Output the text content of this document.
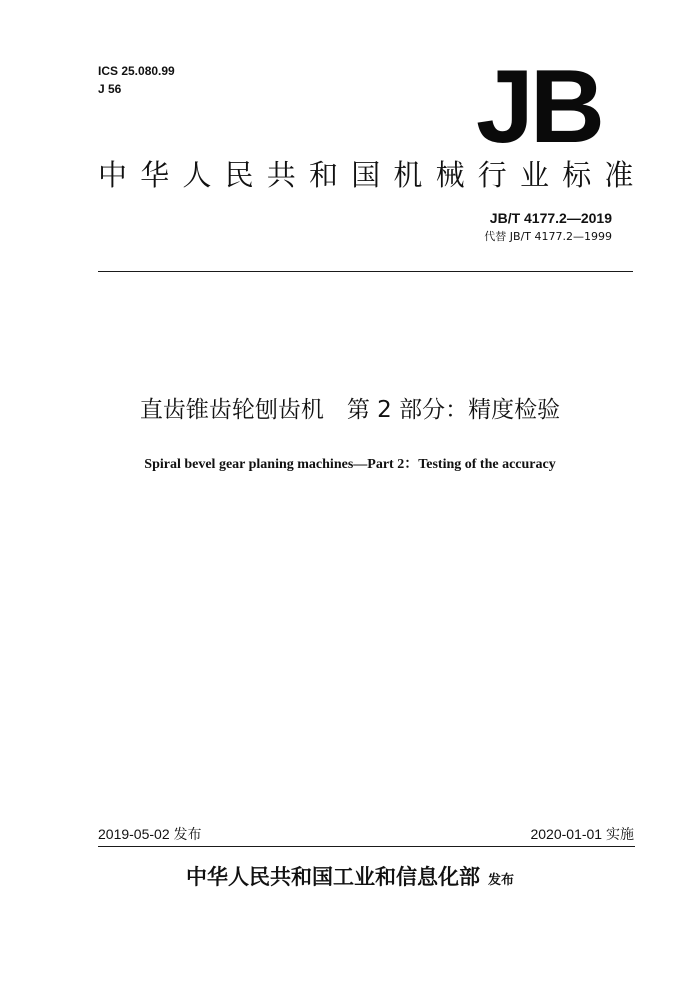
ICS 25.080.99
J 56	JB
中华人民共和国机械行业标准
JB/T 4177.2—2019
代替 JB/T 4177.2—1999
直齿锥齿轮刨齿机　第 2 部分：精度检验
Spiral bevel gear planing machines—Part 2：Testing of the accuracy
2019-05-02 发布	2020-01-01 实施
中华人民共和国工业和信息化部 发布
